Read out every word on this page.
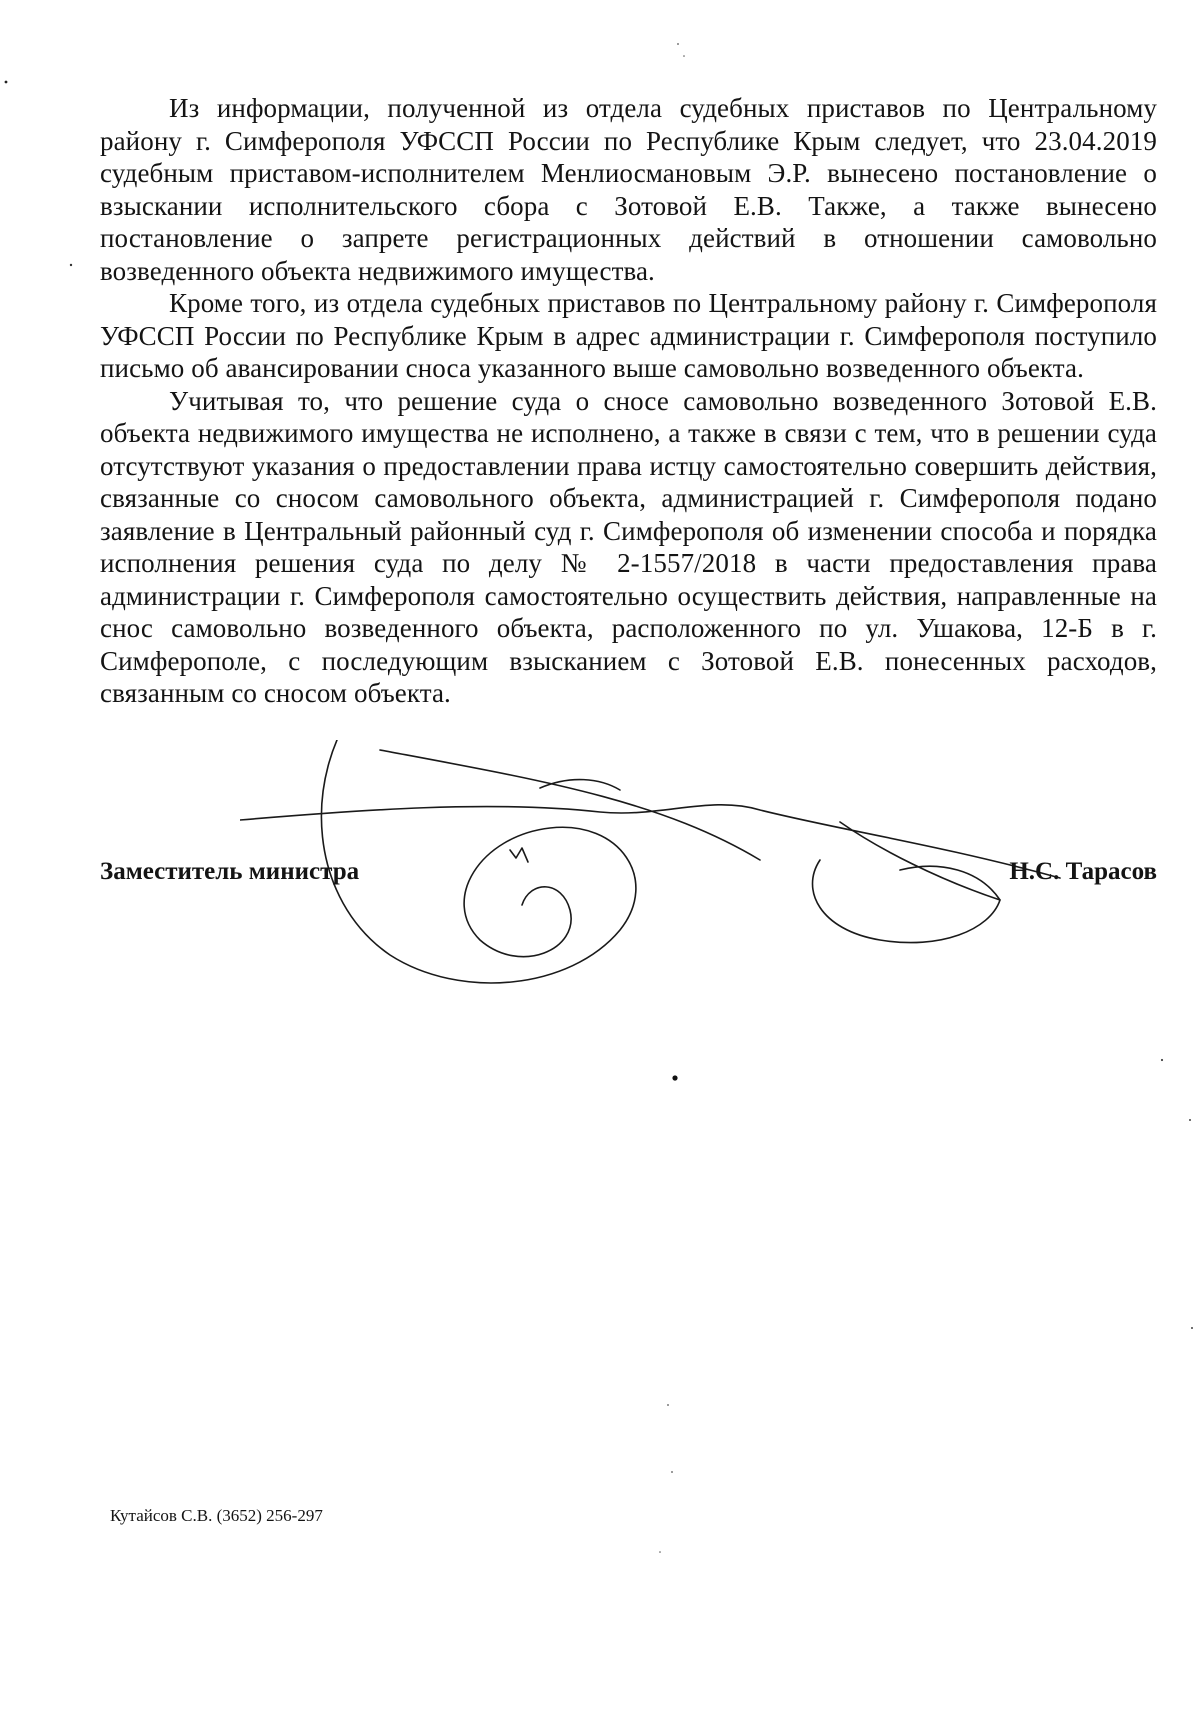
Из информации, полученной из отдела судебных приставов по Центральному району г. Симферополя УФССП России по Республике Крым следует, что 23.04.2019 судебным приставом-исполнителем Менлиосмановым Э.Р. вынесено постановление о взыскании исполнительского сбора с Зотовой Е.В. Также, а также вынесено постановление о запрете регистрационных действий в отношении самовольно возведенного объекта недвижимого имущества.

Кроме того, из отдела судебных приставов по Центральному району г. Симферополя УФССП России по Республике Крым в адрес администрации г. Симферополя поступило письмо об авансировании сноса указанного выше самовольно возведенного объекта.

Учитывая то, что решение суда о сносе самовольно возведенного Зотовой Е.В. объекта недвижимого имущества не исполнено, а также в связи с тем, что в решении суда отсутствуют указания о предоставлении права истцу самостоятельно совершить действия, связанные со сносом самовольного объекта, администрацией г. Симферополя подано заявление в Центральный районный суд г. Симферополя об изменении способа и порядка исполнения решения суда по делу № 2-1557/2018 в части предоставления права администрации г. Симферополя самостоятельно осуществить действия, направленные на снос самовольно возведенного объекта, расположенного по ул. Ушакова, 12-Б в г. Симферополе, с последующим взысканием с Зотовой Е.В. понесенных расходов, связанным со сносом объекта.

Заместитель министра	Н.С. Тарасов
Кутайсов С.В. (3652) 256-297
